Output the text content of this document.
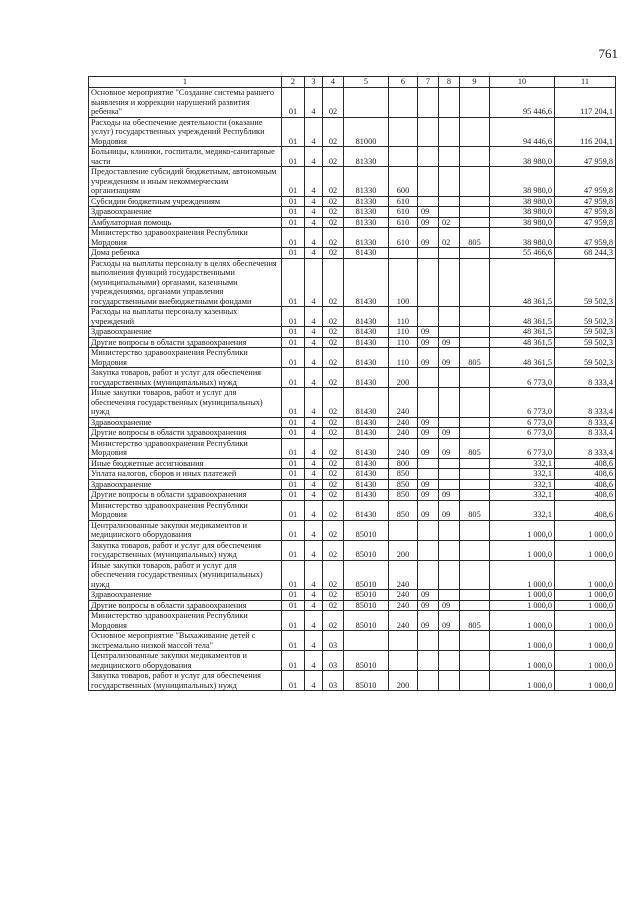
761
1	2	3	4	5	6	7	8	9	10	11
Основное мероприятие "Создание системы раннего выявления и коррекции нарушений развития ребенка"	01	4	02						95 446,6	117 204,1
Расходы на обеспечение деятельности (оказание услуг) государственных учреждений Республики Мордовия	01	4	02	81000					94 446,6	116 204,1
Больницы, клиники, госпитали, медико-санитарные части	01	4	02	81330					38 980,0	47 959,8
Предоставление субсидий бюджетным, автономным учреждениям и иным некоммерческим организациям	01	4	02	81330	600				38 980,0	47 959,8
Субсидии бюджетным учреждениям	01	4	02	81330	610				38 980,0	47 959,8
Здравоохранение	01	4	02	81330	610	09			38 980,0	47 959,8
Амбулаторная помощь	01	4	02	81330	610	09	02		38 980,0	47 959,8
Министерство здравоохранения Республики Мордовия	01	4	02	81330	610	09	02	805	38 980,0	47 959,8
Дома ребенка	01	4	02	81430					55 466,6	68 244,3
Расходы на выплаты персоналу в целях обеспечения выполнения функций государственными (муниципальными) органами, казенными учреждениями, органами управления государственными внебюджетными фондами	01	4	02	81430	100				48 361,5	59 502,3
Расходы на выплаты персоналу казенных учреждений	01	4	02	81430	110				48 361,5	59 502,3
Здравоохранение	01	4	02	81430	110	09			48 361,5	59 502,3
Другие вопросы в области здравоохранения	01	4	02	81430	110	09	09		48 361,5	59 502,3
Министерство здравоохранения Республики Мордовия	01	4	02	81430	110	09	09	805	48 361,5	59 502,3
Закупка товаров, работ и услуг для обеспечения государственных (муниципальных) нужд	01	4	02	81430	200				6 773,0	8 333,4
Иные закупки товаров, работ и услуг для обеспечения государственных (муниципальных) нужд	01	4	02	81430	240				6 773,0	8 333,4
Здравоохранение	01	4	02	81430	240	09			6 773,0	8 333,4
Другие вопросы в области здравоохранения	01	4	02	81430	240	09	09		6 773,0	8 333,4
Министерство здравоохранения Республики Мордовия	01	4	02	81430	240	09	09	805	6 773,0	8 333,4
Иные бюджетные ассигнования	01	4	02	81430	800				332,1	408,6
Уплата налогов, сборов и иных платежей	01	4	02	81430	850				332,1	408,6
Здравоохранение	01	4	02	81430	850	09			332,1	408,6
Другие вопросы в области здравоохранения	01	4	02	81430	850	09	09		332,1	408,6
Министерство здравоохранения Республики Мордовия	01	4	02	81430	850	09	09	805	332,1	408,6
Централизованные закупки медикаментов и медицинского оборудования	01	4	02	85010					1 000,0	1 000,0
Закупка товаров, работ и услуг для обеспечения государственных (муниципальных) нужд	01	4	02	85010	200				1 000,0	1 000,0
Иные закупки товаров, работ и услуг для обеспечения государственных (муниципальных) нужд	01	4	02	85010	240				1 000,0	1 000,0
Здравоохранение	01	4	02	85010	240	09			1 000,0	1 000,0
Другие вопросы в области здравоохранения	01	4	02	85010	240	09	09		1 000,0	1 000,0
Министерство здравоохранения Республики Мордовия	01	4	02	85010	240	09	09	805	1 000,0	1 000,0
Основное мероприятие "Выхаживание детей с экстремально низкой массой тела"	01	4	03						1 000,0	1 000,0
Централизованные закупки медикаментов и медицинского оборудования	01	4	03	85010					1 000,0	1 000,0
Закупка товаров, работ и услуг для обеспечения государственных (муниципальных) нужд	01	4	03	85010	200				1 000,0	1 000,0
